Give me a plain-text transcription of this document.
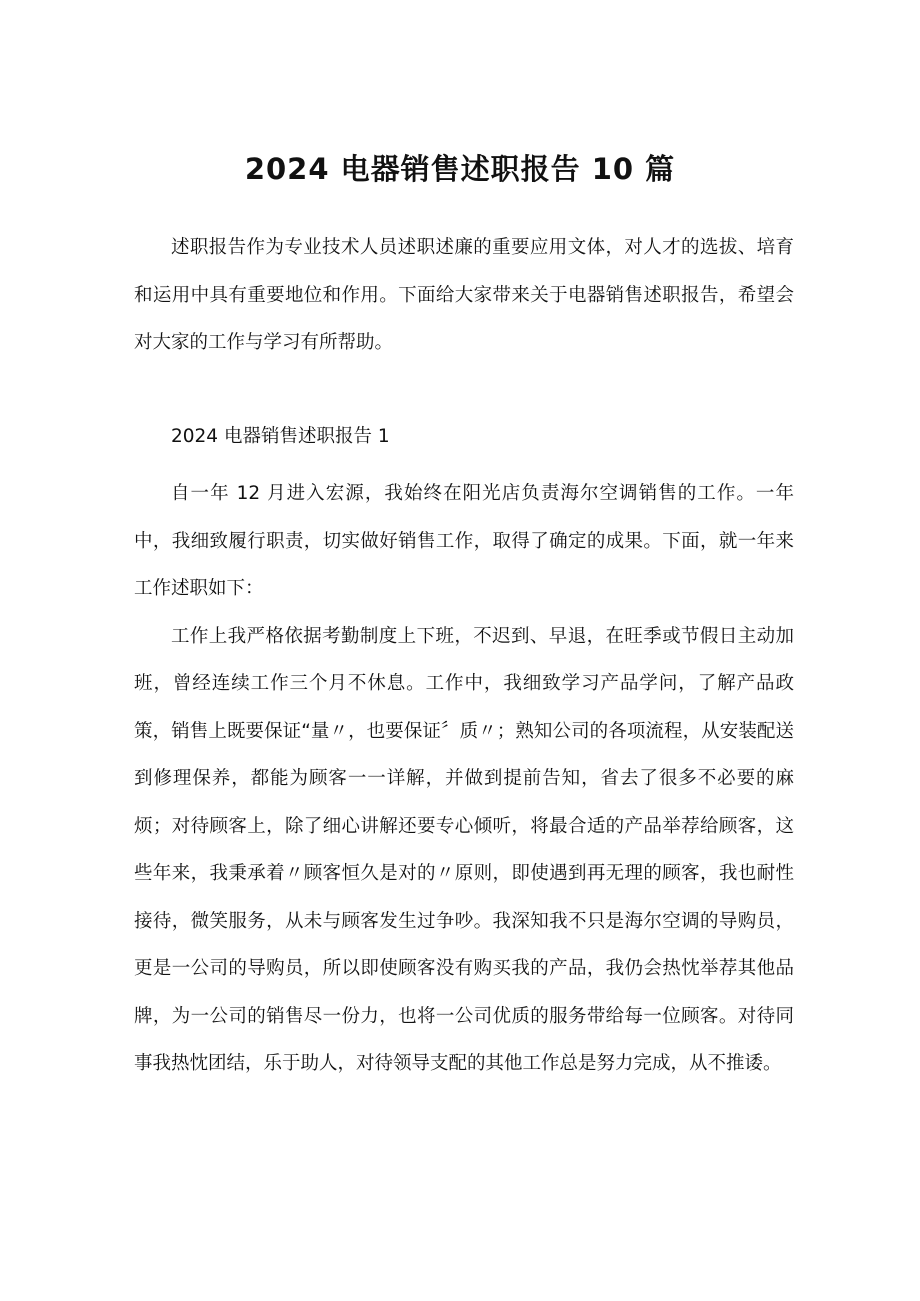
2024 电器销售述职报告 10 篇

述职报告作为专业技术人员述职述廉的重要应用文体，对人才的选拔、培育和运用中具有重要地位和作用。下面给大家带来关于电器销售述职报告，希望会对大家的工作与学习有所帮助。

2024 电器销售述职报告 1

自一年 12 月进入宏源，我始终在阳光店负责海尔空调销售的工作。一年中，我细致履行职责，切实做好销售工作，取得了确定的成果。下面，就一年来工作述职如下：

工作上我严格依据考勤制度上下班，不迟到、早退，在旺季或节假日主动加班，曾经连续工作三个月不休息。工作中，我细致学习产品学问，了解产品政策，销售上既要保证“量〃，也要保证〞质〃；熟知公司的各项流程，从安装配送到修理保养，都能为顾客一一详解，并做到提前告知，省去了很多不必要的麻烦；对待顾客上，除了细心讲解还要专心倾听，将最合适的产品举荐给顾客，这些年来，我秉承着〃顾客恒久是对的〃原则，即使遇到再无理的顾客，我也耐性接待，微笑服务，从未与顾客发生过争吵。我深知我不只是海尔空调的导购员，更是一公司的导购员，所以即使顾客没有购买我的产品，我仍会热忱举荐其他品牌，为一公司的销售尽一份力，也将一公司优质的服务带给每一位顾客。对待同事我热忱团结，乐于助人，对待领导支配的其他工作总是努力完成，从不推诿。
